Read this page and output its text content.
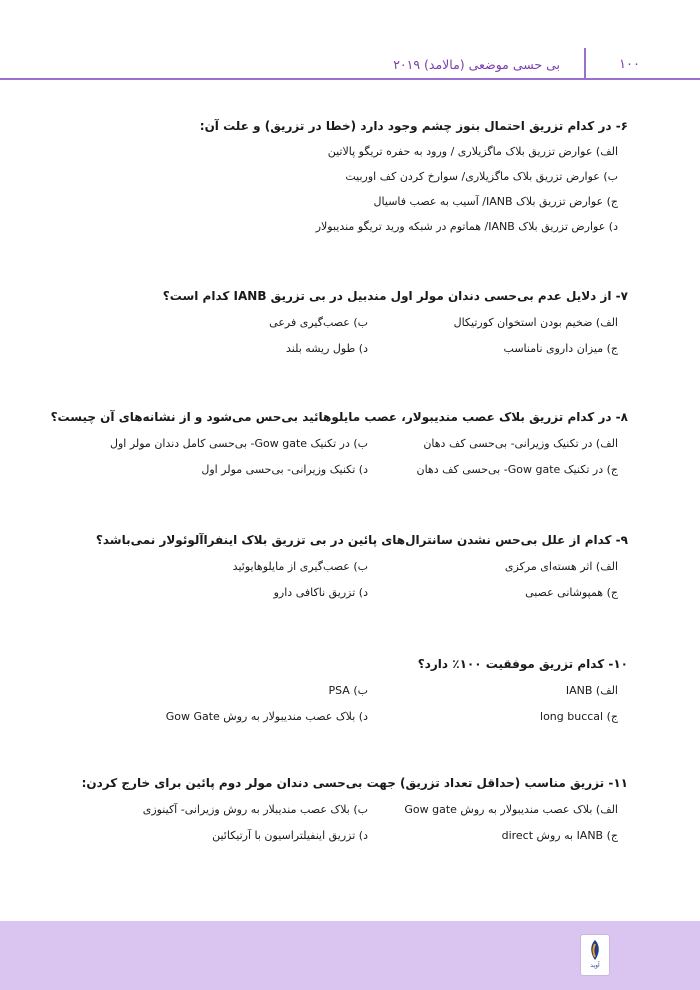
بی حسی موضعی (مالامد) ۲۰۱۹	۱۰۰

۶- در کدام تزریق احتمال بنوز چشم وجود دارد (خطا در تزریق) و علت آن:

الف) عوارض تزریق بلاک ماگزیلاری / ورود به حفره تریگو پالاتین
ب) عوارض تزریق بلاک ماگزیلاری/ سوارخ کردن کف اوربیت
ج) عوارض تزریق بلاک IANB/ آسیب به عصب فاسیال
د) عوارض تزریق بلاک IANB/ هماتوم در شبکه ورید تریگو مندیبولار

۷- از دلایل عدم بی‌حسی دندان مولر اول مندبیل در بی تزریق IANB کدام است؟

الف) ضخیم بودن استخوان کورتیکال
ب) عصب‌گیری فرعی
ج) میزان داروی نامناسب
د) طول ریشه بلند

۸- در کدام تزریق بلاک عصب مندیبولار، عصب مایلوهائید بی‌حس می‌شود و از نشانه‌های آن چیست؟

الف) در تکنیک وزیرانی- بی‌حسی کف دهان
ب) در تکنیک Gow gate- بی‌حسی کامل دندان مولر اول
ج) در تکنیک Gow gate- بی‌حسی کف دهان
د) تکنیک وزیرانی- بی‌حسی مولر اول

۹- کدام از علل بی‌حس نشدن سانترال‌های پائین در بی تزریق بلاک اینفراآلوئولار نمی‌باشد؟

الف) اثر هسته‌ای مرکزی
ب) عصب‌گیری از مایلوهایوئید
ج) همپوشانی عصبی
د) تزریق ناکافی دارو

۱۰- کدام تزریق موفقیت ۱۰۰٪ دارد؟

الف) IANB
ب) PSA
ج) long buccal
د) بلاک عصب مندیبولار به روش Gow Gate

۱۱- تزریق مناسب (حداقل تعداد تزریق) جهت بی‌حسی دندان مولر دوم پائین برای خارج کردن:

الف) بلاک عصب مندیبولار به روش Gow gate
ب) بلاک عصب مندیبلار به روش وزیرانی- آکینوزی
ج) IANB به روش direct
د) تزریق اینفیلتراسیون با آرتیکائین
آوید
